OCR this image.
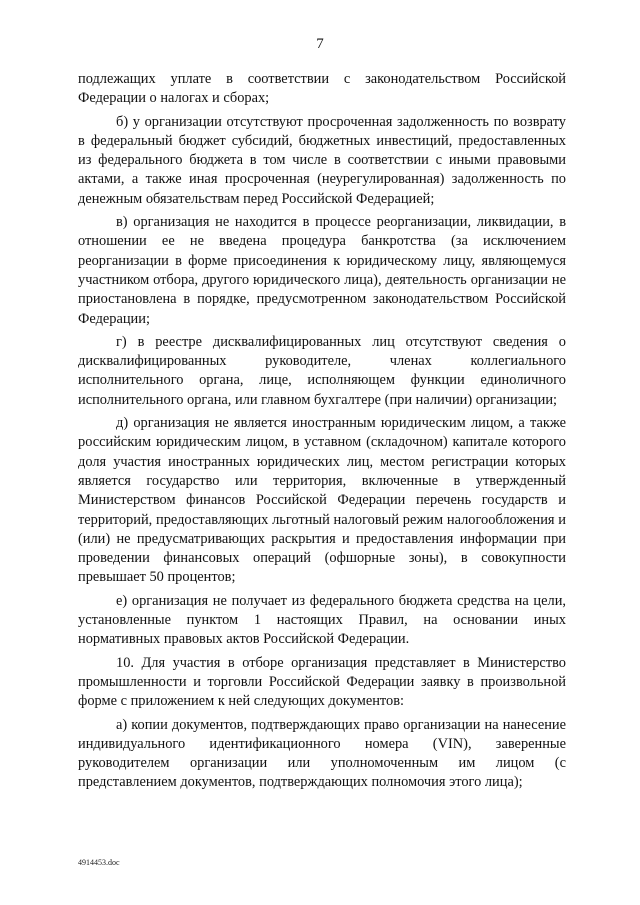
7

подлежащих уплате в соответствии с законодательством Российской Федерации о налогах и сборах;

б) у организации отсутствуют просроченная задолженность по возврату в федеральный бюджет субсидий, бюджетных инвестиций, предоставленных из федерального бюджета в том числе в соответствии с иными правовыми актами, а также иная просроченная (неурегулированная) задолженность по денежным обязательствам перед Российской Федерацией;

в) организация не находится в процессе реорганизации, ликвидации, в отношении ее не введена процедура банкротства (за исключением реорганизации в форме присоединения к юридическому лицу, являющемуся участником отбора, другого юридического лица), деятельность организации не приостановлена в порядке, предусмотренном законодательством Российской Федерации;

г) в реестре дисквалифицированных лиц отсутствуют сведения о дисквалифицированных руководителе, членах коллегиального исполнительного органа, лице, исполняющем функции единоличного исполнительного органа, или главном бухгалтере (при наличии) организации;

д) организация не является иностранным юридическим лицом, а также российским юридическим лицом, в уставном (складочном) капитале которого доля участия иностранных юридических лиц, местом регистрации которых является государство или территория, включенные в утвержденный Министерством финансов Российской Федерации перечень государств и территорий, предоставляющих льготный налоговый режим налогообложения и (или) не предусматривающих раскрытия и предоставления информации при проведении финансовых операций (офшорные зоны), в совокупности превышает 50 процентов;

е) организация не получает из федерального бюджета средства на цели, установленные пунктом 1 настоящих Правил, на основании иных нормативных правовых актов Российской Федерации.

10. Для участия в отборе организация представляет в Министерство промышленности и торговли Российской Федерации заявку в произвольной форме с приложением к ней следующих документов:

а) копии документов, подтверждающих право организации на нанесение индивидуального идентификационного номера (VIN), заверенные руководителем организации или уполномоченным им лицом (с представлением документов, подтверждающих полномочия этого лица);

4914453.doc
